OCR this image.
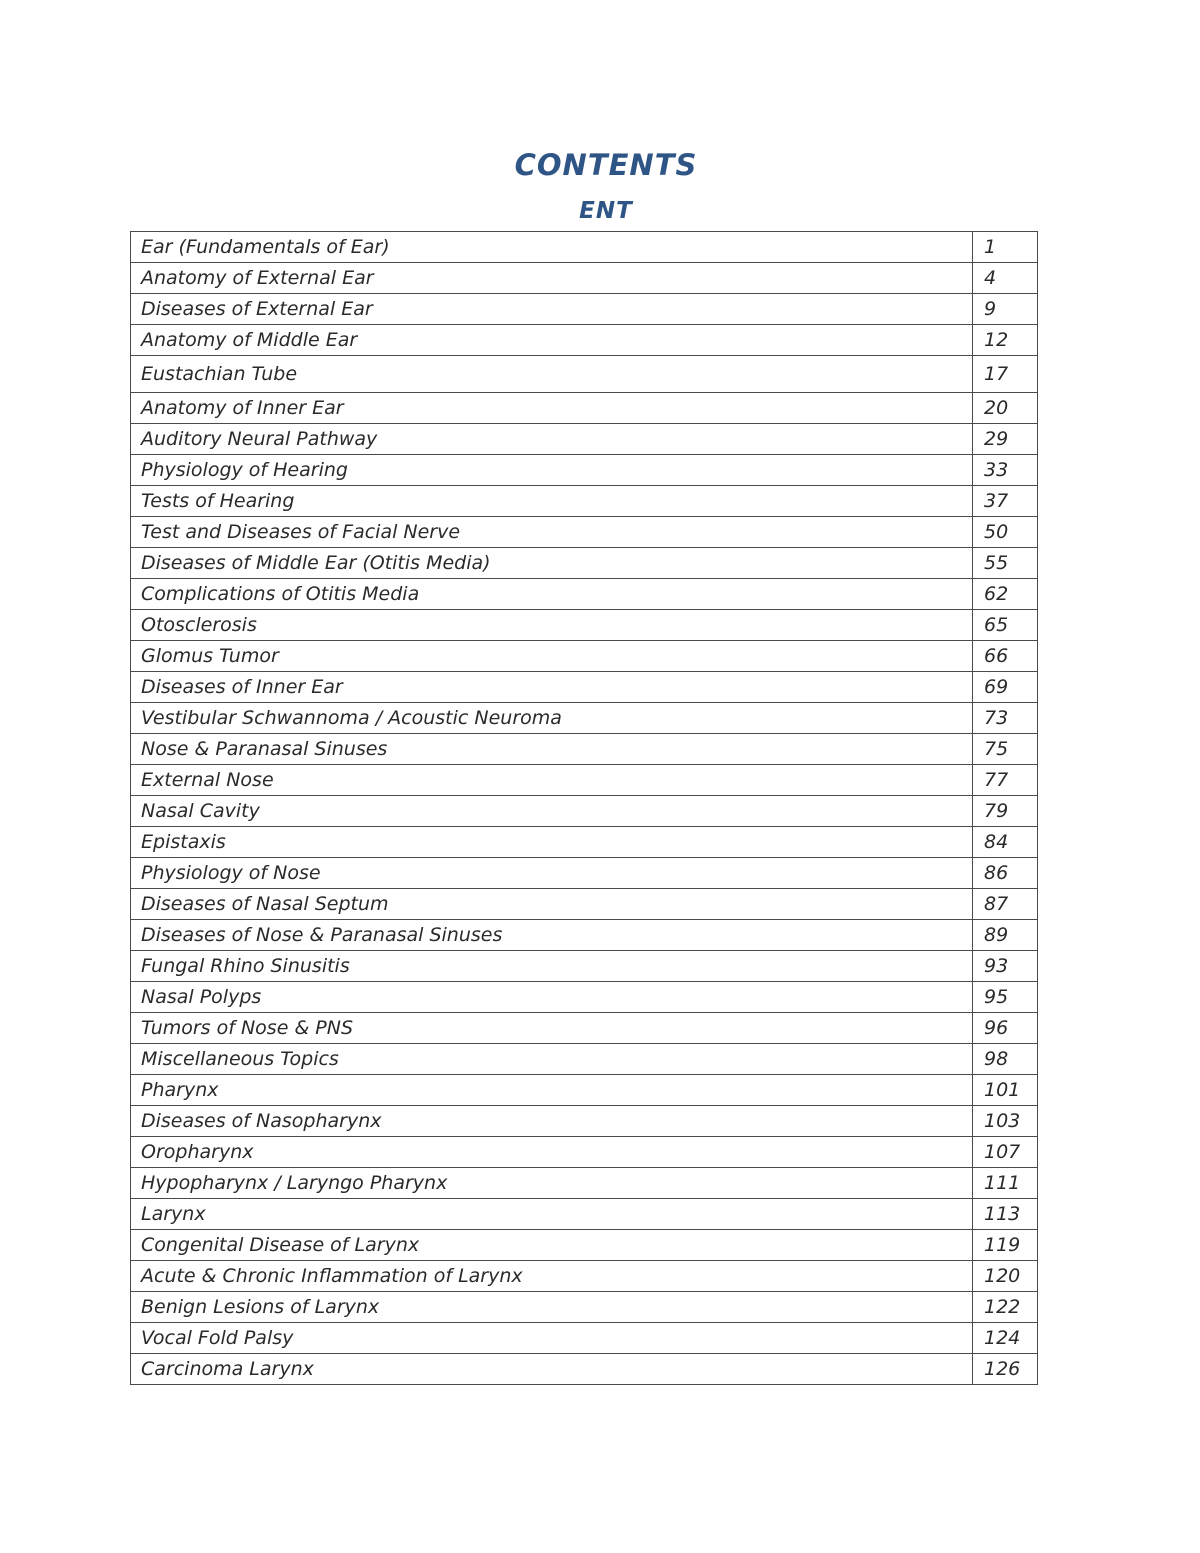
CONTENTS
ENT
Ear (Fundamentals of Ear)	1
Anatomy of External Ear	4
Diseases of External Ear	9
Anatomy of Middle Ear	12
Eustachian Tube	17
Anatomy of Inner Ear	20
Auditory Neural Pathway	29
Physiology of Hearing	33
Tests of Hearing	37
Test and Diseases of Facial Nerve	50
Diseases of Middle Ear (Otitis Media)	55
Complications of Otitis Media	62
Otosclerosis	65
Glomus Tumor	66
Diseases of Inner Ear	69
Vestibular Schwannoma / Acoustic Neuroma	73
Nose & Paranasal Sinuses	75
External Nose	77
Nasal Cavity	79
Epistaxis	84
Physiology of Nose	86
Diseases of Nasal Septum	87
Diseases of Nose & Paranasal Sinuses	89
Fungal Rhino Sinusitis	93
Nasal Polyps	95
Tumors of Nose & PNS	96
Miscellaneous Topics	98
Pharynx	101
Diseases of Nasopharynx	103
Oropharynx	107
Hypopharynx / Laryngo Pharynx	111
Larynx	113
Congenital Disease of Larynx	119
Acute & Chronic Inflammation of Larynx	120
Benign Lesions of Larynx	122
Vocal Fold Palsy	124
Carcinoma Larynx	126
